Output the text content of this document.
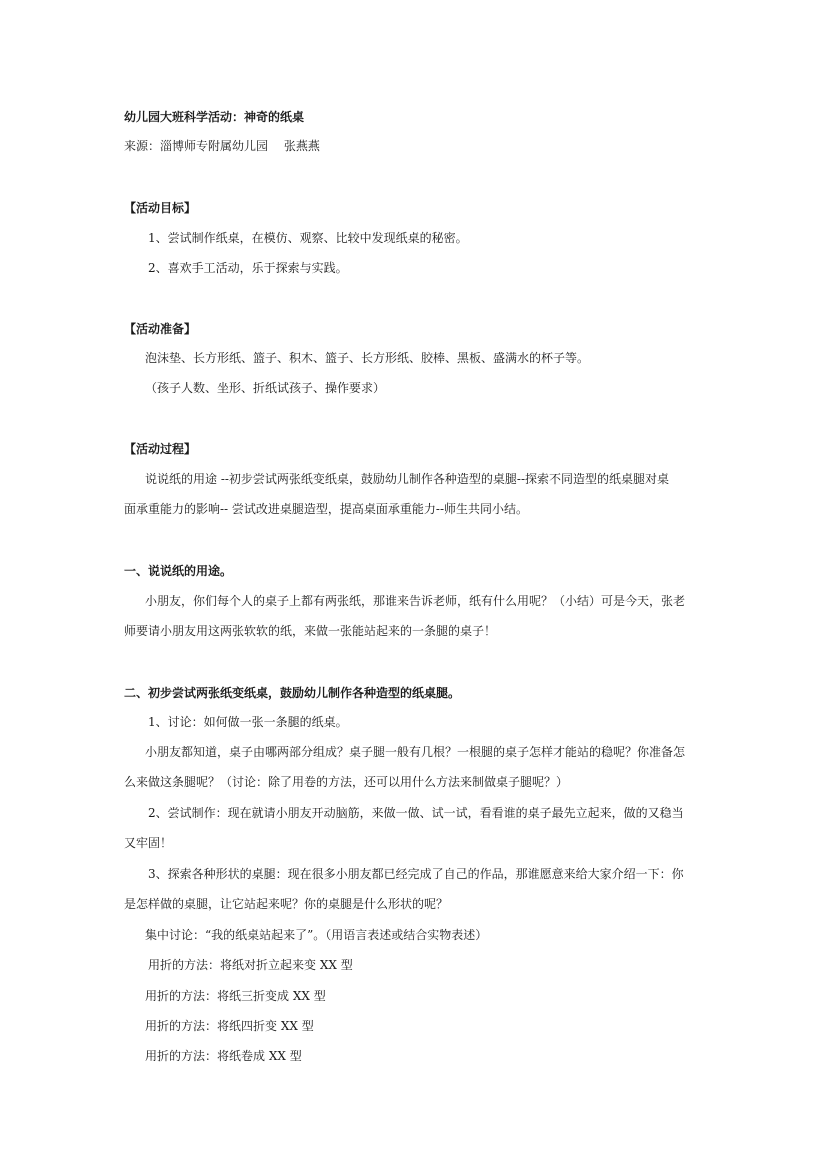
幼儿园大班科学活动：神奇的纸桌
来源：淄博师专附属幼儿园　 张燕燕
【活动目标】
1、尝试制作纸桌，在模仿、观察、比较中发现纸桌的秘密。
2、喜欢手工活动，乐于探索与实践。
【活动准备】
泡沫垫、长方形纸、篮子、积木、篮子、长方形纸、胶棒、黑板、盛满水的杯子等。
（孩子人数、坐形、折纸试孩子、操作要求）
【活动过程】
说说纸的用途 --初步尝试两张纸变纸桌，鼓励幼儿制作各种造型的桌腿--探索不同造型的纸桌腿对桌
面承重能力的影响-- 尝试改进桌腿造型，提高桌面承重能力--师生共同小结。
一、说说纸的用途。
小朋友，你们每个人的桌子上都有两张纸，那谁来告诉老师，纸有什么用呢？（小结）可是今天，张老
师要请小朋友用这两张软软的纸，来做一张能站起来的一条腿的桌子！
二、初步尝试两张纸变纸桌，鼓励幼儿制作各种造型的纸桌腿。
1、讨论：如何做一张一条腿的纸桌。
小朋友都知道，桌子由哪两部分组成？桌子腿一般有几根？一根腿的桌子怎样才能站的稳呢？你准备怎
么来做这条腿呢？（讨论：除了用卷的方法，还可以用什么方法来制做桌子腿呢？）
2、尝试制作：现在就请小朋友开动脑筋，来做一做、试一试，看看谁的桌子最先立起来，做的又稳当
又牢固！
3、探索各种形状的桌腿：现在很多小朋友都已经完成了自己的作品，那谁愿意来给大家介绍一下：你
是怎样做的桌腿，让它站起来呢？你的桌腿是什么形状的呢？
集中讨论：“我的纸桌站起来了”。（用语言表述或结合实物表述）
用折的方法：将纸对折立起来变 XX 型
用折的方法：将纸三折变成 XX 型
用折的方法：将纸四折变 XX 型
用折的方法：将纸卷成 XX 型
